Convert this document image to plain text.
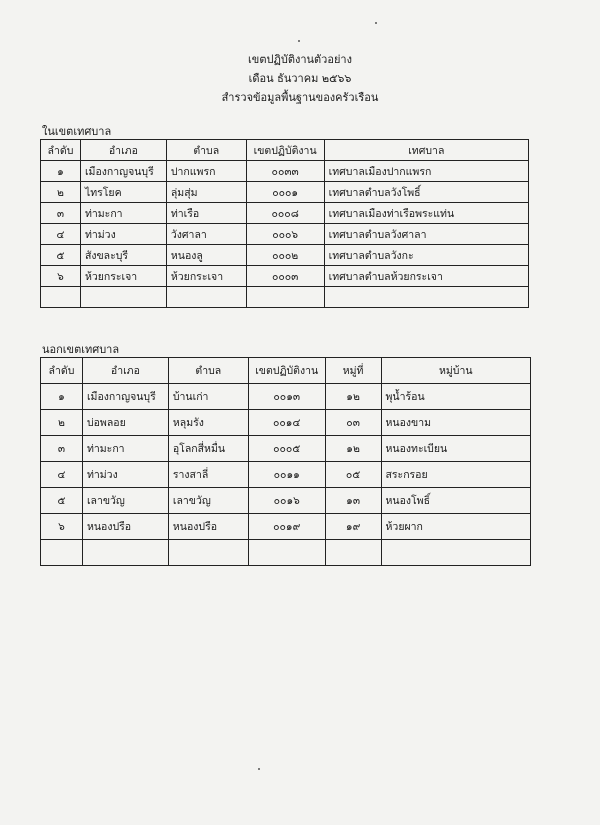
เขตปฏิบัติงานตัวอย่าง
เดือน ธันวาคม ๒๕๖๖
สำรวจข้อมูลพื้นฐานของครัวเรือน
ในเขตเทศบาล
ลำดับ	อำเภอ	ตำบล	เขตปฏิบัติงาน	เทศบาล
๑	เมืองกาญจนบุรี	ปากแพรก	๐๐๓๓	เทศบาลเมืองปากแพรก
๒	ไทรโยค	ลุ่มสุ่ม	๐๐๐๑	เทศบาลตำบลวังโพธิ์
๓	ท่ามะกา	ท่าเรือ	๐๐๐๘	เทศบาลเมืองท่าเรือพระแท่น
๔	ท่าม่วง	วังศาลา	๐๐๐๖	เทศบาลตำบลวังศาลา
๕	สังขละบุรี	หนองลู	๐๐๐๒	เทศบาลตำบลวังกะ
๖	ห้วยกระเจา	ห้วยกระเจา	๐๐๐๓	เทศบาลตำบลห้วยกระเจา

นอกเขตเทศบาล
ลำดับ	อำเภอ	ตำบล	เขตปฏิบัติงาน	หมู่ที่	หมู่บ้าน
๑	เมืองกาญจนบุรี	บ้านเก่า	๐๐๑๓	๑๒	พุน้ำร้อน
๒	บ่อพลอย	หลุมรัง	๐๐๑๔	๐๓	หนองขาม
๓	ท่ามะกา	อุโลกสี่หมื่น	๐๐๐๕	๑๒	หนองทะเบียน
๔	ท่าม่วง	รางสาลี่	๐๐๑๑	๐๕	สระกรอย
๕	เลาขวัญ	เลาขวัญ	๐๐๑๖	๑๓	หนองโพธิ์
๖	หนองปรือ	หนองปรือ	๐๐๑๙	๑๙	ห้วยผาก
